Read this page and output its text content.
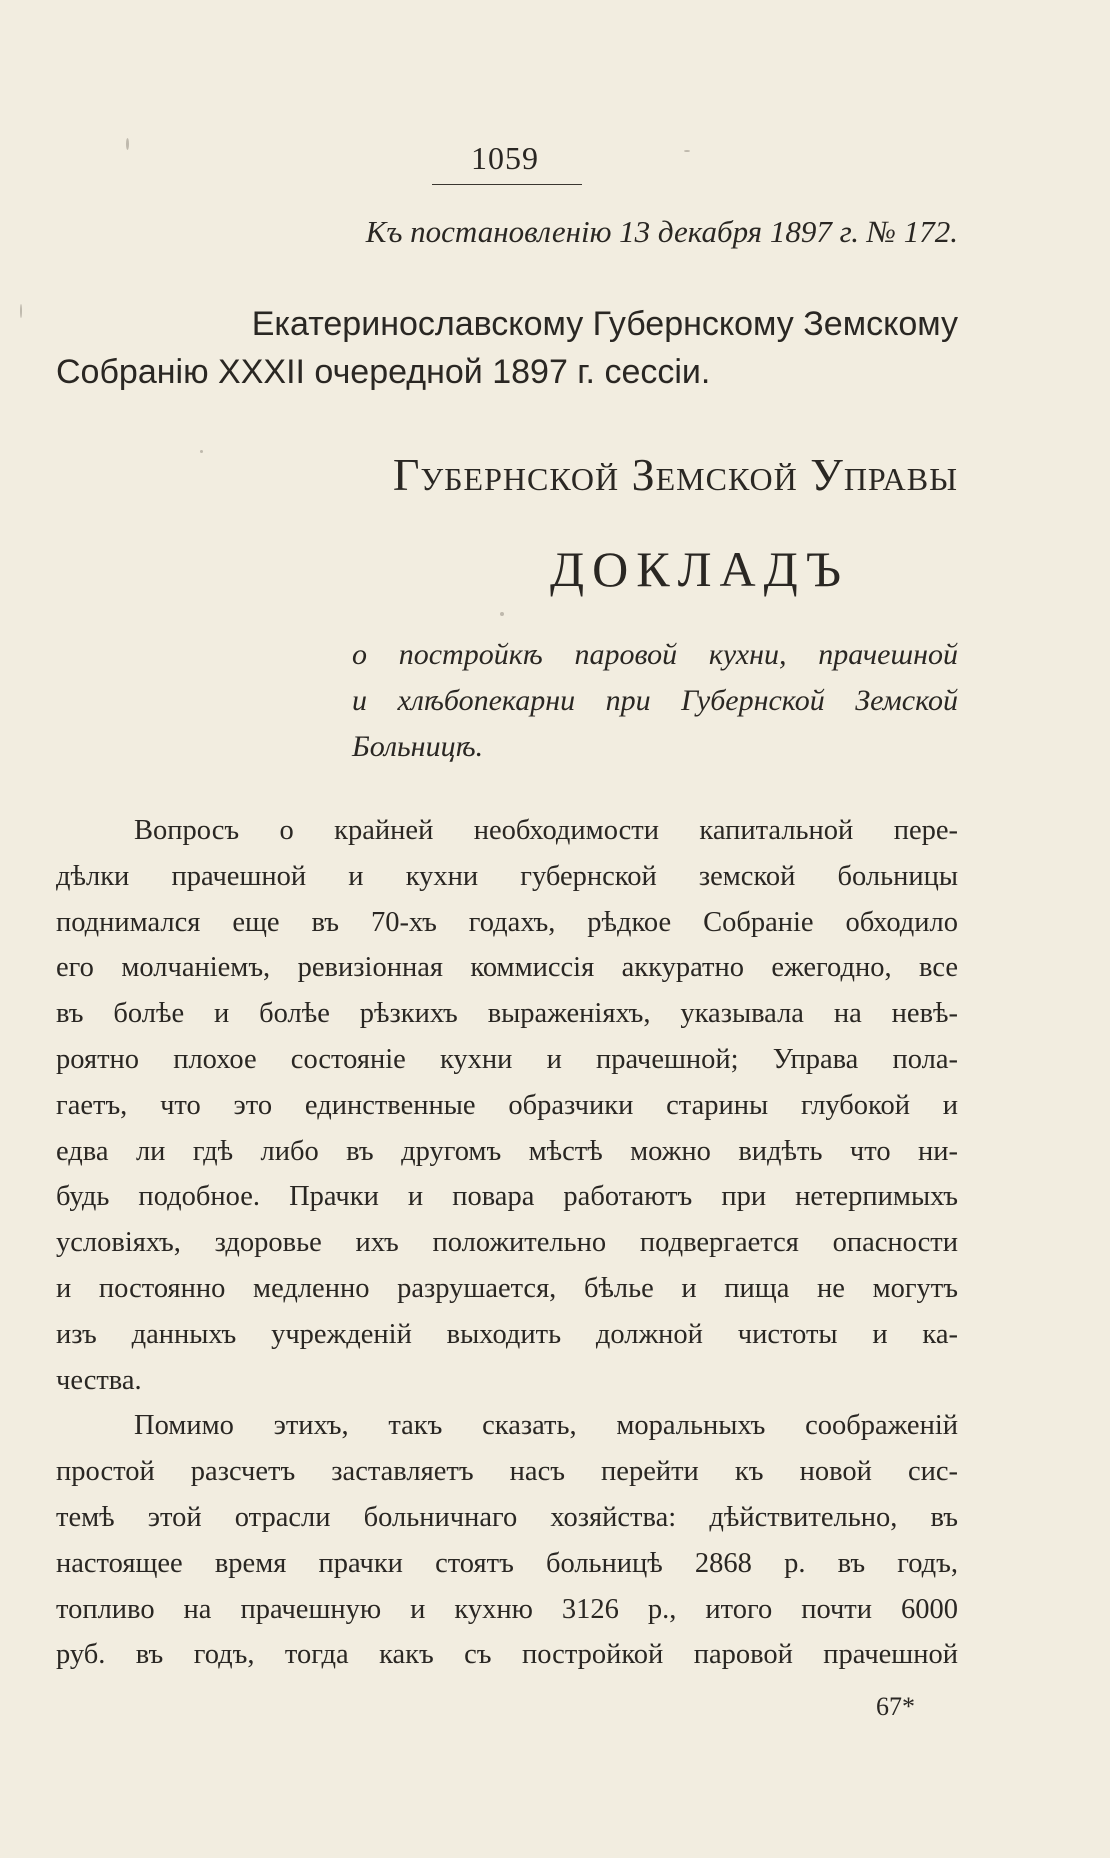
1059
Къ постановленію 13 декабря 1897 г. № 172.
Екатеринославскому Губернскому Земскому
Собранію XXXII очередной 1897 г. сессіи.
Губернской Земской Управы
ДОКЛАДЪ
о постройкѣ паровой кухни, прачешной
и хлѣбопекарни при Губернской Земской
Больницѣ.
Вопросъ о крайней необходимости капитальной пере-
дѣлки прачешной и кухни губернской земской больницы
поднимался еще въ 70-хъ годахъ, рѣдкое Собраніе обходило
его молчаніемъ, ревизіонная коммиссія аккуратно ежегодно, все
въ болѣе и болѣе рѣзкихъ выраженіяхъ, указывала на невѣ-
роятно плохое состояніе кухни и прачешной; Управа пола-
гаетъ, что это единственные образчики старины глубокой и
едва ли гдѣ либо въ другомъ мѣстѣ можно видѣть что ни-
будь подобное. Прачки и повара работаютъ при нетерпимыхъ
условіяхъ, здоровье ихъ положительно подвергается опасности
и постоянно медленно разрушается, бѣлье и пища не могутъ
изъ данныхъ учрежденій выходить должной чистоты и ка-
чества.
Помимо этихъ, такъ сказать, моральныхъ соображеній
простой разсчетъ заставляетъ насъ перейти къ новой сис-
темѣ этой отрасли больничнаго хозяйства: дѣйствительно, въ
настоящее время прачки стоятъ больницѣ 2868 р. въ годъ,
топливо на прачешную и кухню 3126 р., итого почти 6000
руб. въ годъ, тогда какъ съ постройкой паровой прачешной
67*
